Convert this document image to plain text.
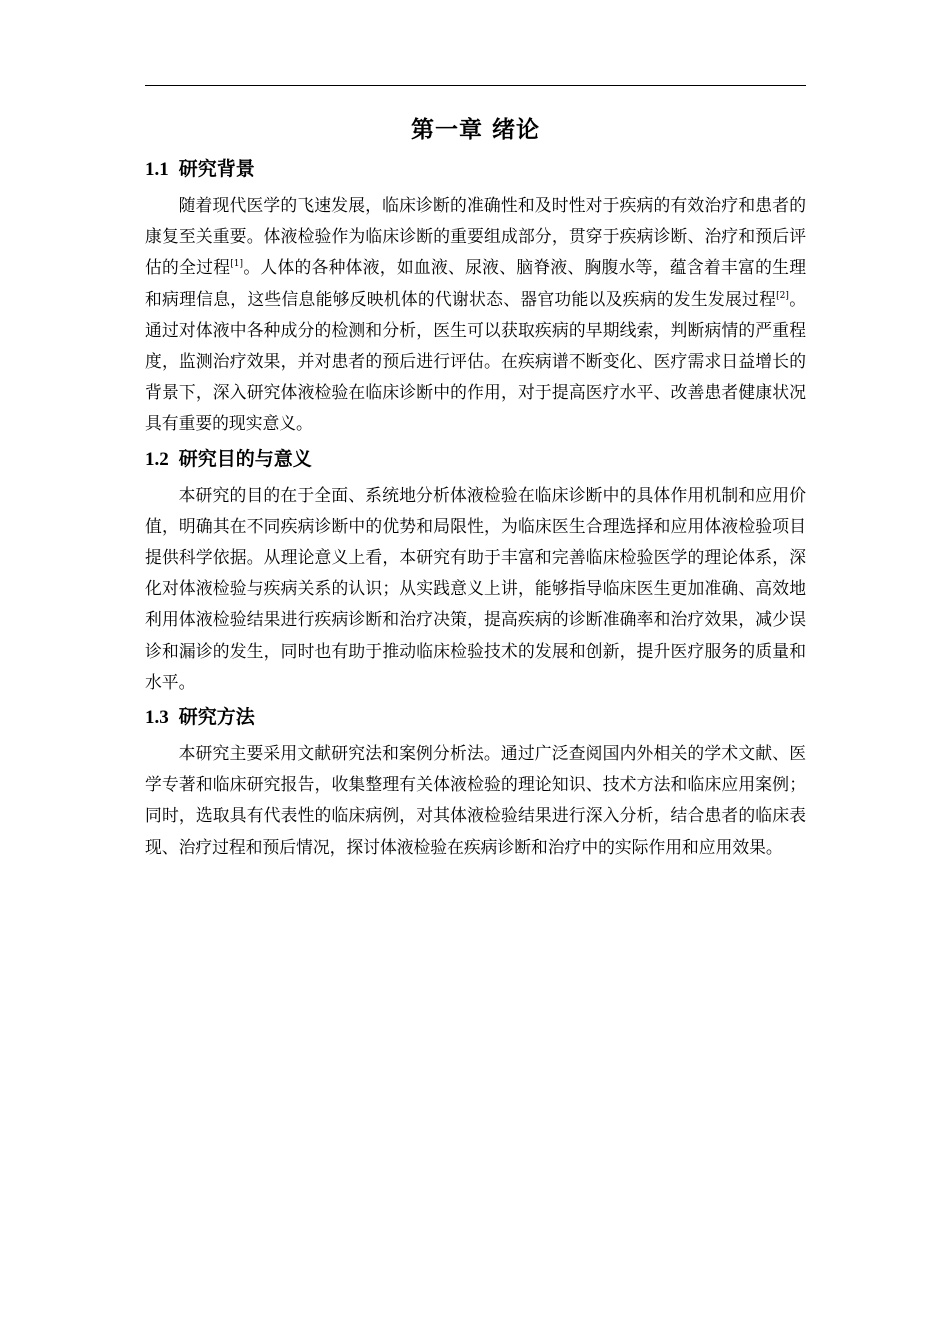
第一章 绪论
1.1 研究背景

随着现代医学的飞速发展，临床诊断的准确性和及时性对于疾病的有效治疗和患者的康复至关重要。体液检验作为临床诊断的重要组成部分，贯穿于疾病诊断、治疗和预后评估的全过程[1]。人体的各种体液，如血液、尿液、脑脊液、胸腹水等，蕴含着丰富的生理和病理信息，这些信息能够反映机体的代谢状态、器官功能以及疾病的发生发展过程[2]。通过对体液中各种成分的检测和分析，医生可以获取疾病的早期线索，判断病情的严重程度，监测治疗效果，并对患者的预后进行评估。在疾病谱不断变化、医疗需求日益增长的背景下，深入研究体液检验在临床诊断中的作用，对于提高医疗水平、改善患者健康状况具有重要的现实意义。

1.2 研究目的与意义

本研究的目的在于全面、系统地分析体液检验在临床诊断中的具体作用机制和应用价值，明确其在不同疾病诊断中的优势和局限性，为临床医生合理选择和应用体液检验项目提供科学依据。从理论意义上看，本研究有助于丰富和完善临床检验医学的理论体系，深化对体液检验与疾病关系的认识；从实践意义上讲，能够指导临床医生更加准确、高效地利用体液检验结果进行疾病诊断和治疗决策，提高疾病的诊断准确率和治疗效果，减少误诊和漏诊的发生，同时也有助于推动临床检验技术的发展和创新，提升医疗服务的质量和水平。

1.3 研究方法

本研究主要采用文献研究法和案例分析法。通过广泛查阅国内外相关的学术文献、医学专著和临床研究报告，收集整理有关体液检验的理论知识、技术方法和临床应用案例；同时，选取具有代表性的临床病例，对其体液检验结果进行深入分析，结合患者的临床表现、治疗过程和预后情况，探讨体液检验在疾病诊断和治疗中的实际作用和应用效果。
